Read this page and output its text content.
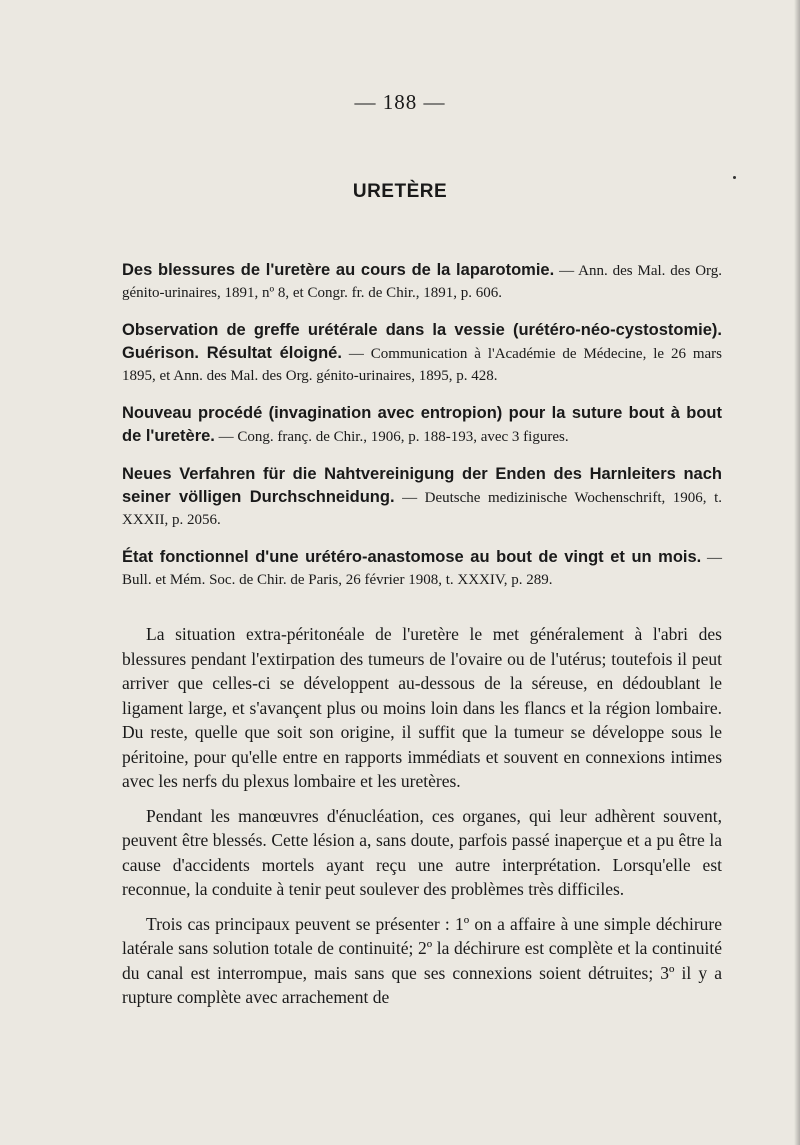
— 188 —
URETÈRE

Des blessures de l'uretère au cours de la laparotomie. — Ann. des Mal. des Org. génito-urinaires, 1891, nº 8, et Congr. fr. de Chir., 1891, p. 606.

Observation de greffe urétérale dans la vessie (urétéro-néo-cystostomie). Guérison. Résultat éloigné. — Communication à l'Académie de Médecine, le 26 mars 1895, et Ann. des Mal. des Org. génito-urinaires, 1895, p. 428.

Nouveau procédé (invagination avec entropion) pour la suture bout à bout de l'uretère. — Cong. franç. de Chir., 1906, p. 188-193, avec 3 figures.

Neues Verfahren für die Nahtvereinigung der Enden des Harnleiters nach seiner völligen Durchschneidung. — Deutsche medizinische Wochenschrift, 1906, t. XXXII, p. 2056.

État fonctionnel d'une urétéro-anastomose au bout de vingt et un mois. — Bull. et Mém. Soc. de Chir. de Paris, 26 février 1908, t. XXXIV, p. 289.

La situation extra-péritonéale de l'uretère le met généralement à l'abri des blessures pendant l'extirpation des tumeurs de l'ovaire ou de l'utérus; toutefois il peut arriver que celles-ci se développent au-dessous de la séreuse, en dédoublant le ligament large, et s'avançent plus ou moins loin dans les flancs et la région lombaire. Du reste, quelle que soit son origine, il suffit que la tumeur se développe sous le péritoine, pour qu'elle entre en rapports immédiats et souvent en connexions intimes avec les nerfs du plexus lombaire et les uretères.

Pendant les manœuvres d'énucléation, ces organes, qui leur adhèrent souvent, peuvent être blessés. Cette lésion a, sans doute, parfois passé inaperçue et a pu être la cause d'accidents mortels ayant reçu une autre interprétation. Lorsqu'elle est reconnue, la conduite à tenir peut soulever des problèmes très difficiles.

Trois cas principaux peuvent se présenter : 1º on a affaire à une simple déchirure latérale sans solution totale de continuité; 2º la déchirure est complète et la continuité du canal est interrompue, mais sans que ses connexions soient détruites; 3º il y a rupture complète avec arrachement de
